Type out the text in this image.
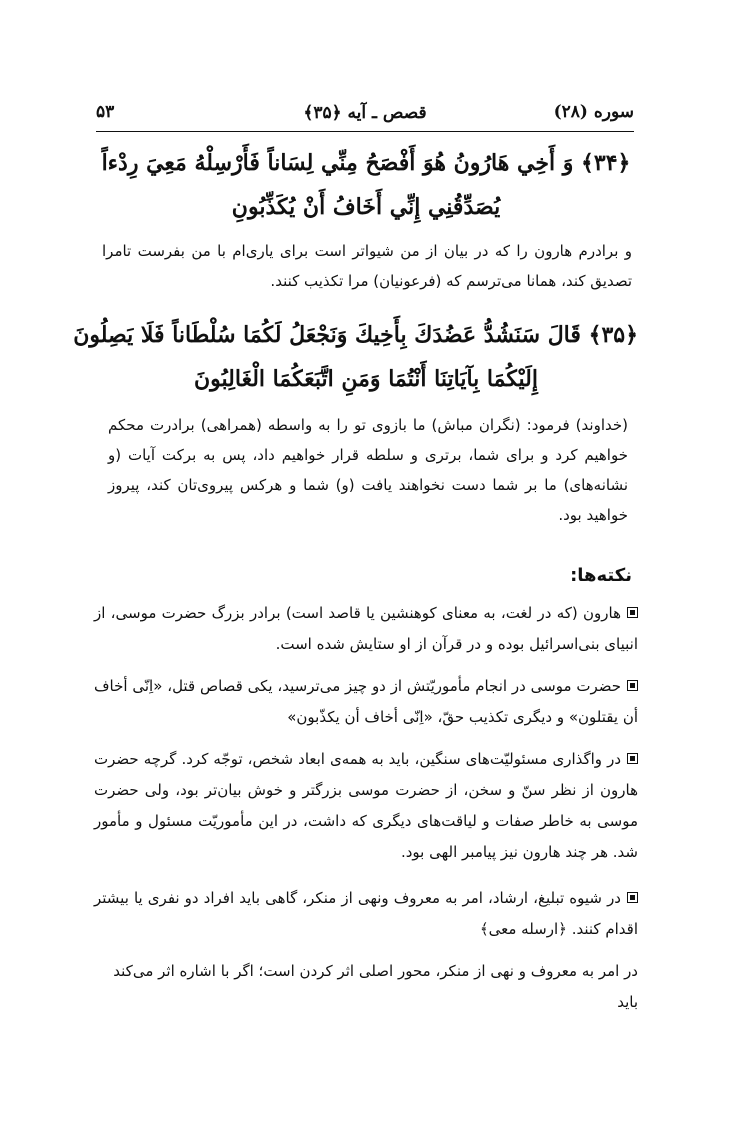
سوره (۲۸)
قصص ـ آیه ﴿۳۵﴾
۵۳
﴿۳۴﴾ وَ أَخِي هَارُونُ هُوَ أَفْصَحُ مِنِّي لِسَاناً فَأَرْسِلْهُ مَعِيَ رِدْءاً
يُصَدِّقُنِي إِنِّي أَخَافُ أَنْ يُكَذِّبُونِ
و برادرم هارون را که در بیان از من شیواتر است برای یاری‌ام با من بفرست تامرا تصدیق کند، همانا می‌ترسم که (فرعونیان) مرا تکذیب کنند.
﴿۳۵﴾ قَالَ سَنَشُدُّ عَضُدَكَ بِأَخِيكَ وَنَجْعَلُ لَكُمَا سُلْطَاناً فَلَا يَصِلُونَ
إِلَيْكُمَا بِآيَاتِنَا أَنْتُمَا وَمَنِ اتَّبَعَكُمَا الْغَالِبُونَ
(خداوند) فرمود: (نگران مباش) ما بازوی تو را به واسطه (همراهی) برادرت محکم خواهیم کرد و برای شما، برتری و سلطه قرار خواهیم داد، پس به برکت آیات (و نشانه‌های) ما بر شما دست نخواهند یافت (و) شما و هرکس پیروی‌تان کند، پیروز خواهید بود.
نکته‌ها:
هارون (که در لغت، به معنای کوهنشین یا قاصد است) برادر بزرگ حضرت موسی، از انبیای بنی‌اسرائیل بوده و در قرآن از او ستایش شده است.
حضرت موسی در انجام مأموریّتش از دو چیز می‌ترسید، یکی قصاص قتل، «اِنّی أخاف أن یقتلون» و دیگری تکذیب حقّ، «اِنّی أخاف أن یکذّبون»
در واگذاری مسئولیّت‌های سنگین، باید به همه‌ی ابعاد شخص، توجّه کرد. گرچه حضرت هارون از نظر سنّ و سخن، از حضرت موسی بزرگتر و خوش بیان‌تر بود، ولی حضرت موسی به خاطر صفات و لیاقت‌های دیگری که داشت، در این مأموریّت مسئول و مأمور شد. هر چند هارون نیز پیامبر الهی بود.
در شیوه تبلیغ، ارشاد، امر به معروف ونهی از منکر، گاهی باید افراد دو نفری یا بیشتر اقدام کنند. ﴿ارسله معی﴾
در امر به معروف و نهی از منکر، محور اصلی اثر کردن است؛ اگر با اشاره اثر می‌کند باید
